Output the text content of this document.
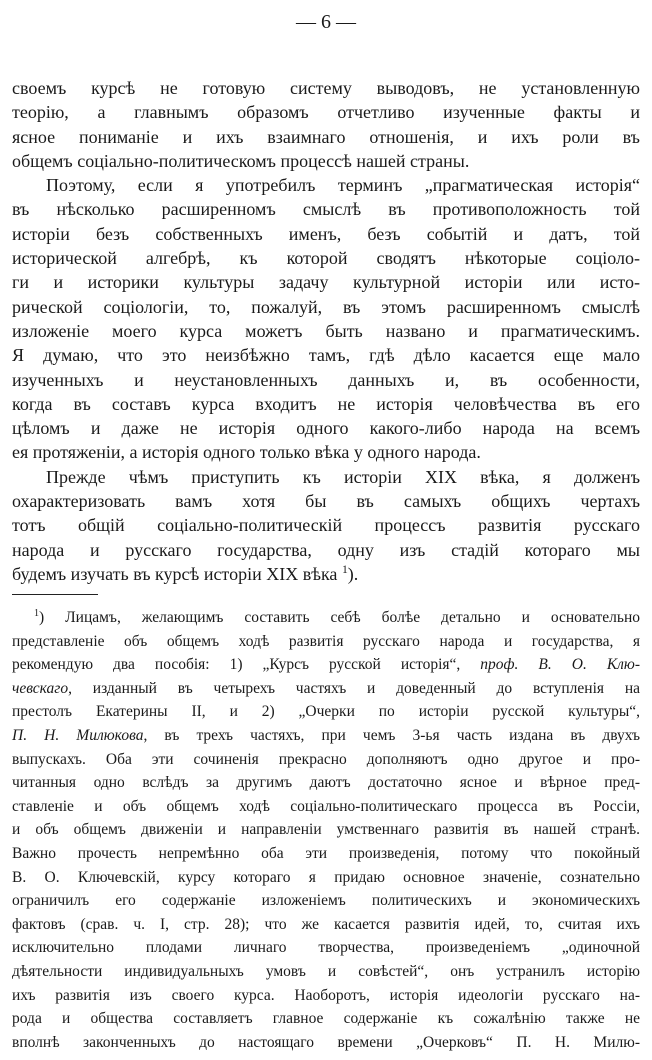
— 6 —
своемъ курсѣ не готовую систему выводовъ, не установленную
теорію, а главнымъ образомъ отчетливо изученные факты и
ясное пониманіе и ихъ взаимнаго отношенія, и ихъ роли въ
общемъ соціально-политическомъ процессѣ нашей страны.
Поэтому, если я употребилъ терминъ „прагматическая исторія“
въ нѣсколько расширенномъ смыслѣ въ противоположность той
исторіи безъ собственныхъ именъ, безъ событій и датъ, той
исторической алгебрѣ, къ которой сводятъ нѣкоторые соціоло-
ги и историки культуры задачу культурной исторіи или исто-
рической соціологіи, то, пожалуй, въ этомъ расширенномъ смыслѣ
изложеніе моего курса можетъ быть названо и прагматическимъ.
Я думаю, что это неизбѣжно тамъ, гдѣ дѣло касается еще мало
изученныхъ и неустановленныхъ данныхъ и, въ особенности,
когда въ составъ курса входитъ не исторія человѣчества въ его
цѣломъ и даже не исторія одного какого-либо народа на всемъ
ея протяженіи, а исторія одного только вѣка у одного народа.
Прежде чѣмъ приступить къ исторіи XIX вѣка, я долженъ
охарактеризовать вамъ хотя бы въ самыхъ общихъ чертахъ
тотъ общій соціально-политическій процессъ развитія русскаго
народа и русскаго государства, одну изъ стадій котораго мы
будемъ изучать въ курсѣ исторіи XIX вѣка $^1$).
$^1$) Лицамъ, желающимъ составить себѣ болѣе детально и основательно
представленіе объ общемъ ходѣ развитія русскаго народа и государства, я
рекомендую два пособія: 1) „Курсъ русской исторія“, проф. В. О. Клю-
чевскаго, изданный въ четырехъ частяхъ и доведенный до вступленія на
престолъ Екатерины II, и 2) „Очерки по исторіи русской культуры“,
П. Н. Милюкова, въ трехъ частяхъ, при чемъ 3-ья часть издана въ двухъ
выпускахъ. Оба эти сочиненія прекрасно дополняютъ одно другое и про-
читанныя одно вслѣдъ за другимъ даютъ достаточно ясное и вѣрное пред-
ставленіе и объ общемъ ходѣ соціально-политическаго процесса въ Россіи,
и объ общемъ движеніи и направленіи умственнаго развитія въ нашей странѣ.
Важно прочесть непремѣнно оба эти произведенія, потому что покойный
В. О. Ключевскій, курсу котораго я придаю основное значеніе, сознательно
ограничилъ его содержаніе изложеніемъ политическихъ и экономическихъ
фактовъ (срав. ч. I, стр. 28); что же касается развитія идей, то, считая ихъ
исключительно плодами личнаго творчества, произведеніемъ „одиночной
дѣятельности индивидуальныхъ умовъ и совѣстей“, онъ устранилъ исторію
ихъ развитія изъ своего курса. Наоборотъ, исторія идеологіи русскаго на-
рода и общества составляетъ главное содержаніе къ сожалѣнію также не
вполнѣ законченныхъ до настоящаго времени „Очерковъ“ П. Н. Милю-
